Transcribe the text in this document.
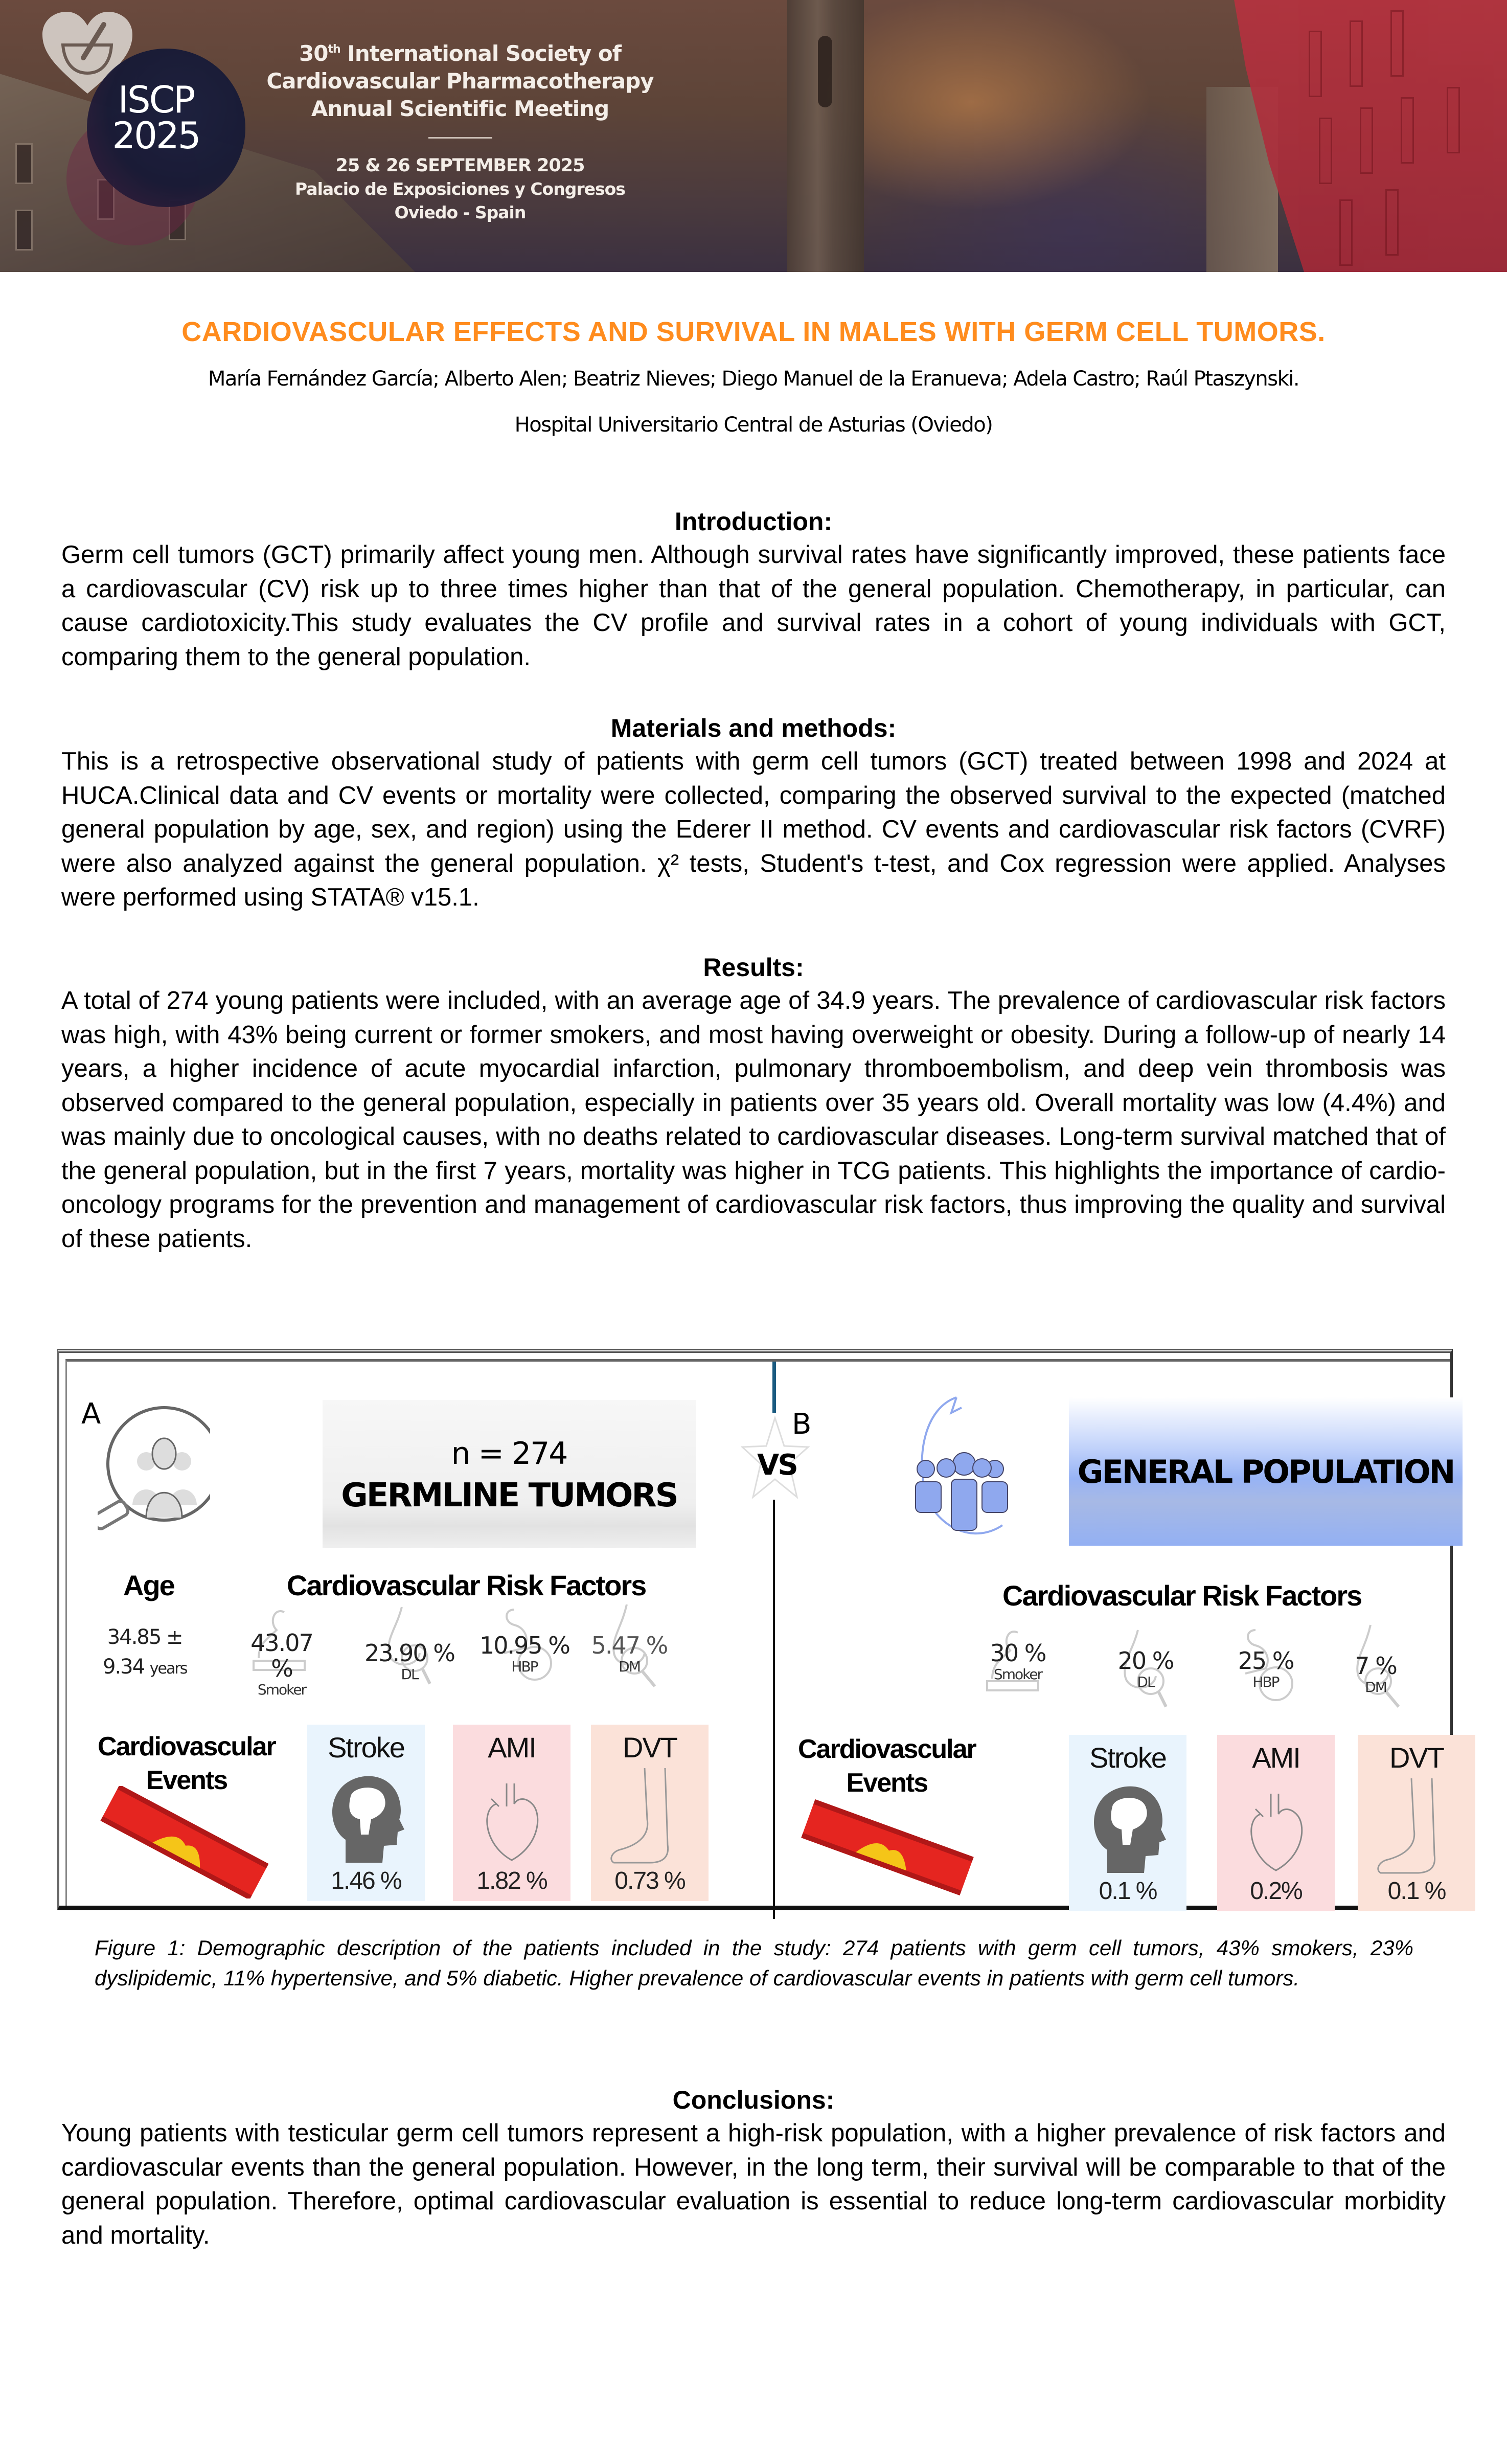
ISCP
2025
30th International Society of
Cardiovascular Pharmacotherapy
Annual Scientific Meeting
25 & 26 SEPTEMBER 2025
Palacio de Exposiciones y Congresos
Oviedo - Spain
CARDIOVASCULAR EFFECTS AND SURVIVAL IN MALES WITH GERM CELL TUMORS.
María Fernández García; Alberto Alen; Beatriz Nieves; Diego Manuel de la Eranueva; Adela Castro; Raúl Ptaszynski.
Hospital Universitario Central de Asturias (Oviedo)
Introduction:

Germ cell tumors (GCT) primarily affect young men. Although survival rates have significantly improved, these patients face a cardiovascular (CV) risk up to three times higher than that of the general population. Chemotherapy, in particular, can cause cardiotoxicity.This study evaluates the CV profile and survival rates in a cohort of young individuals with GCT, comparing them to the general population.

Materials and methods:

This is a retrospective observational study of patients with germ cell tumors (GCT) treated between 1998 and 2024 at HUCA.Clinical data and CV events or mortality were collected, comparing the observed survival to the expected (matched general population by age, sex, and region) using the Ederer II method. CV events and cardiovascular risk factors (CVRF) were also analyzed against the general population. χ² tests, Student's t-test, and Cox regression were applied. Analyses were performed using STATA® v15.1.

Results:

A total of 274 young patients were included, with an average age of 34.9 years. The prevalence of cardiovascular risk factors was high, with 43% being current or former smokers, and most having overweight or obesity. During a follow-up of nearly 14 years, a higher incidence of acute myocardial infarction, pulmonary thromboembolism, and deep vein thrombosis was observed compared to the general population, especially in patients over 35 years old. Overall mortality was low (4.4%) and was mainly due to oncological causes, with no deaths related to cardiovascular diseases. Long-term survival matched that of the general population, but in the first 7 years, mortality was higher in TCG patients. This highlights the importance of cardio-oncology programs for the prevention and management of cardiovascular risk factors, thus improving the quality and survival of these patients.

VS
A
n = 274
GERMLINE TUMORS
Age	Cardiovascular Risk Factors
34.85 ±
9.34 years
43.07 %
Smoker
23.90 %
DL
10.95 %
HBP
5.47 %
DM
Cardiovascular
Events
Stroke
1.46 %
AMI
1.82 %
DVT
0.73 %
B
GENERAL POPULATION
Cardiovascular Risk Factors
30 %
Smoker	20 %
DL
25 %
HBP
7 %
DM
Cardiovascular
Events
Stroke
0.1 %
AMI
0.2%
DVT
0.1 %
Figure 1: Demographic description of the patients included in the study: 274 patients with germ cell tumors, 43% smokers, 23% dyslipidemic, 11% hypertensive, and 5% diabetic. Higher prevalence of cardiovascular events in patients with germ cell tumors.
Conclusions:

Young patients with testicular germ cell tumors represent a high-risk population, with a higher prevalence of risk factors and cardiovascular events than the general population. However, in the long term, their survival will be comparable to that of the general population. Therefore, optimal cardiovascular evaluation is essential to reduce long-term cardiovascular morbidity and mortality.
